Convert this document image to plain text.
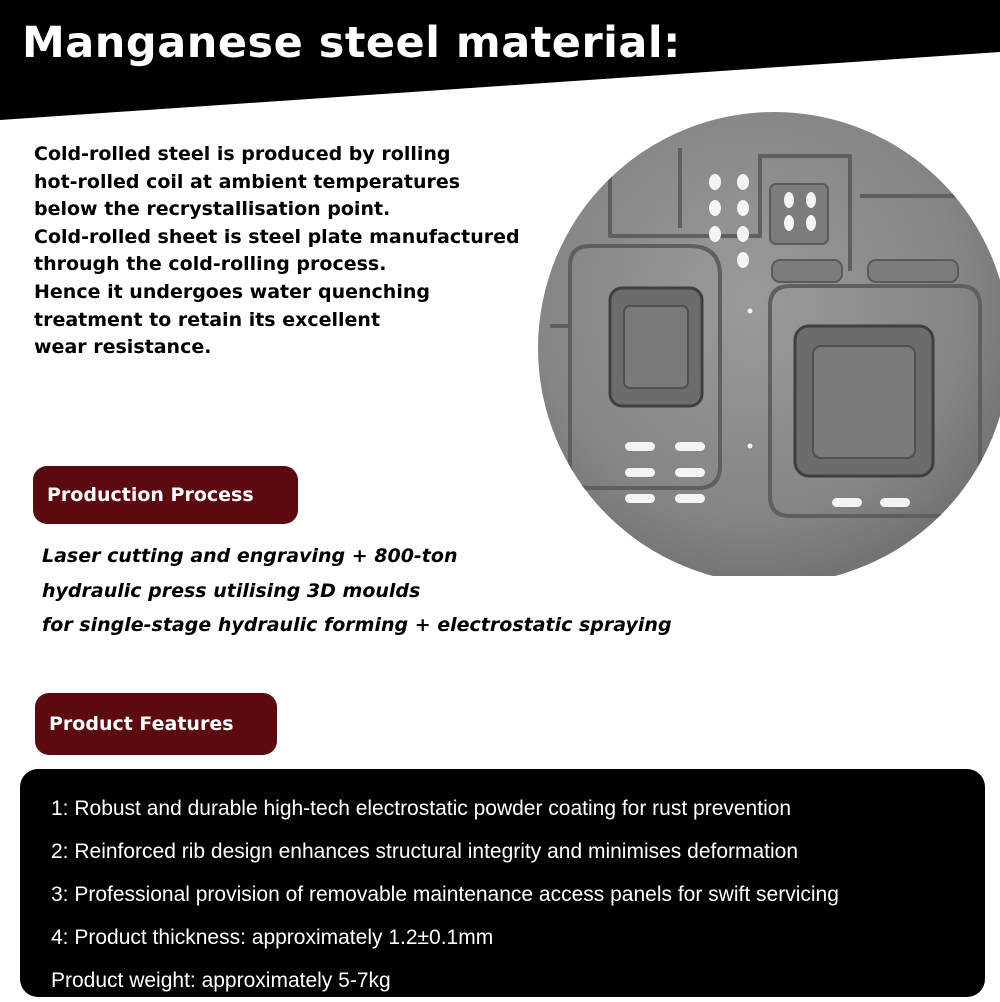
Manganese steel material:
Cold-rolled steel is produced by rolling
hot-rolled coil at ambient temperatures
below the recrystallisation point.
Cold-rolled sheet is steel plate manufactured
through the cold-rolling process.
Hence it undergoes water quenching
treatment to retain its excellent
wear resistance.
Production Process
Laser cutting and engraving + 800-ton
hydraulic press utilising 3D moulds
for single-stage hydraulic forming + electrostatic spraying
Product Features
1: Robust and durable high-tech electrostatic powder coating for rust prevention
2: Reinforced rib design enhances structural integrity and minimises deformation
3: Professional provision of removable maintenance access panels for swift servicing
4: Product thickness: approximately 1.2±0.1mm
Product weight: approximately 5-7kg
